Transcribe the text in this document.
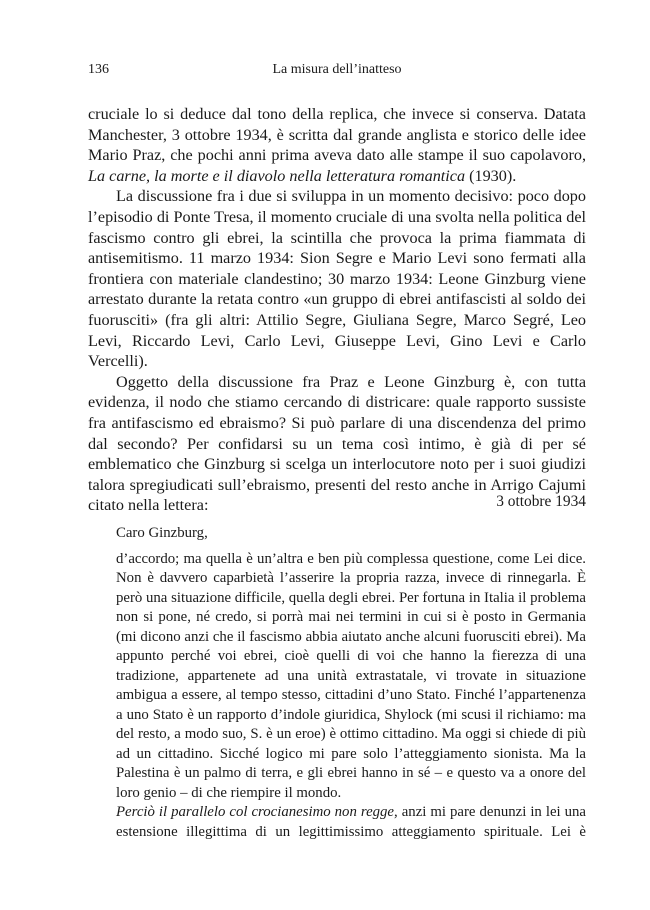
136	La misura dell’inatteso

cruciale lo si deduce dal tono della replica, che invece si conserva. Datata Manchester, 3 ottobre 1934, è scritta dal grande anglista e storico delle idee Mario Praz, che pochi anni prima aveva dato alle stampe il suo capolavoro, La carne, la morte e il diavolo nella letteratura romantica (1930).

La discussione fra i due si sviluppa in un momento decisivo: poco dopo l’episodio di Ponte Tresa, il momento cruciale di una svolta nella politica del fascismo contro gli ebrei, la scintilla che provoca la prima fiammata di antisemitismo. 11 marzo 1934: Sion Segre e Mario Levi sono fermati alla frontiera con materiale clandestino; 30 marzo 1934: Leone Ginzburg viene arrestato durante la retata contro «un gruppo di ebrei antifascisti al soldo dei fuorusciti» (fra gli altri: Attilio Segre, Giuliana Segre, Marco Segré, Leo Levi, Riccardo Levi, Carlo Levi, Giuseppe Levi, Gino Levi e Carlo Vercelli).

Oggetto della discussione fra Praz e Leone Ginzburg è, con tutta evidenza, il nodo che stiamo cercando di districare: quale rapporto sussiste fra antifascismo ed ebraismo? Si può parlare di una discendenza del primo dal secondo? Per confidarsi su un tema così intimo, è già di per sé emblematico che Ginzburg si scelga un interlocutore noto per i suoi giudizi talora spregiudicati sull’ebraismo, presenti del resto anche in Arrigo Cajumi citato nella lettera:	3 ottobre 1934

Caro Ginzburg,

d’accordo; ma quella è un’altra e ben più complessa questione, come Lei dice. Non è davvero caparbietà l’asserire la propria razza, invece di rinnegarla. È però una situazione difficile, quella degli ebrei. Per fortuna in Italia il problema non si pone, né credo, si porrà mai nei termini in cui si è posto in Germania (mi dicono anzi che il fascismo abbia aiutato anche alcuni fuorusciti ebrei). Ma appunto perché voi ebrei, cioè quelli di voi che hanno la fierezza di una tradizione, appartenete ad una unità extrastatale, vi trovate in situazione ambigua a essere, al tempo stesso, cittadini d’uno Stato. Finché l’appartenenza a uno Stato è un rapporto d’indole giuridica, Shylock (mi scusi il richiamo: ma del resto, a modo suo, S. è un eroe) è ottimo cittadino. Ma oggi si chiede di più ad un cittadino. Sicché logico mi pare solo l’atteggiamento sionista. Ma la Palestina è un palmo di terra, e gli ebrei hanno in sé – e questo va a onore del loro genio – di che riempire il mondo.

Perciò il parallelo col crocianesimo non regge, anzi mi pare denunzi in lei una estensione illegittima di un legittimissimo atteggiamento spirituale. Lei è
